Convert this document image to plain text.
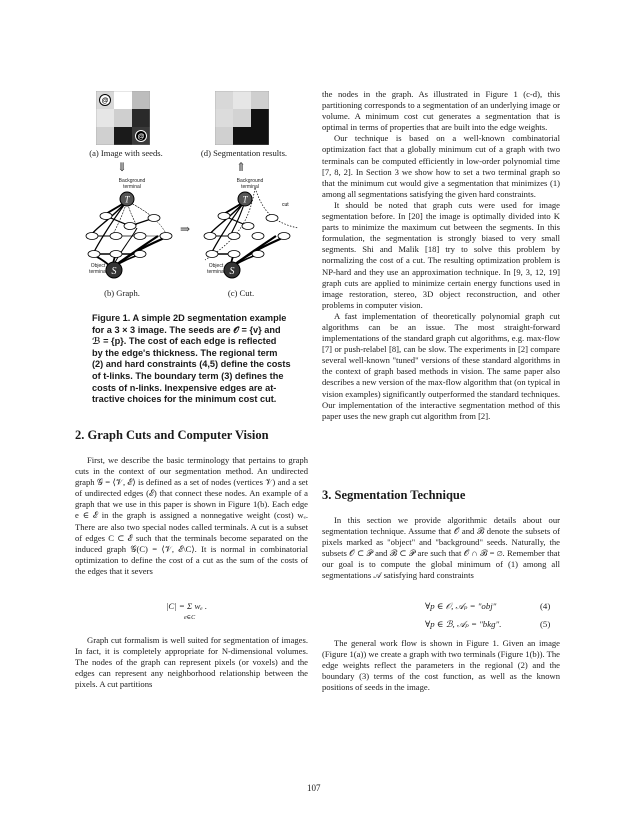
@
@
(a) Image with seeds.	(d) Segmentation results.
⇓	⇑
T
S
Background terminal
Object terminal
⇒
T
S
cut
Background terminal
Object terminal
(b) Graph.	(c) Cut.
Figure 1. A simple 2D segmentation example
for a 3 × 3 image. The seeds are 𝒪 = {v} and
ℬ = {p}. The cost of each edge is reflected
by the edge's thickness. The regional term
(2) and hard constraints (4,5) define the costs
of t-links. The boundary term (3) defines the
costs of n-links. Inexpensive edges are at-
tractive choices for the minimum cost cut.
2. Graph Cuts and Computer Vision

First, we describe the basic terminology that pertains to graph cuts in the context of our segmentation method. An undirected graph 𝒢 = ⟨𝒱, ℰ⟩ is defined as a set of nodes (vertices 𝒱) and a set of undirected edges (ℰ) that connect these nodes. An example of a graph that we use in this paper is shown in Figure 1(b). Each edge e ∈ ℰ in the graph is assigned a nonnegative weight (cost) wₑ. There are also two special nodes called terminals. A cut is a subset of edges C ⊂ ℰ such that the terminals become separated on the induced graph 𝒢(C) = ⟨𝒱, ℰ\C⟩. It is normal in combinatorial optimization to define the cost of a cut as the sum of the costs of the edges that it severs

|C| = Σ wₑ .
e∈C

Graph cut formalism is well suited for segmentation of images. In fact, it is completely appropriate for N-dimensional volumes. The nodes of the graph can represent pixels (or voxels) and the edges can represent any neighborhood relationship between the pixels. A cut partitions

the nodes in the graph. As illustrated in Figure 1 (c-d), this partitioning corresponds to a segmentation of an underlying image or volume. A minimum cost cut generates a segmentation that is optimal in terms of properties that are built into the edge weights.

Our technique is based on a well-known combinatorial optimization fact that a globally minimum cut of a graph with two terminals can be computed efficiently in low-order polynomial time [7, 8, 2]. In Section 3 we show how to set a two terminal graph so that the minimum cut would give a segmentation that minimizes (1) among all segmentations satisfying the given hard constraints.

It should be noted that graph cuts were used for image segmentation before. In [20] the image is optimally divided into K parts to minimize the maximum cut between the segments. In this formulation, the segmentation is strongly biased to very small segments. Shi and Malik [18] try to solve this problem by normalizing the cost of a cut. The resulting optimization problem is NP-hard and they use an approximation technique. In [9, 3, 12, 19] graph cuts are applied to minimize certain energy functions used in image restoration, stereo, 3D object reconstruction, and other problems in computer vision.

A fast implementation of theoretically polynomial graph cut algorithms can be an issue. The most straight-forward implementations of the standard graph cut algorithms, e.g. max-flow [7] or push-relabel [8], can be slow. The experiments in [2] compare several well-known "tuned" versions of these standard algorithms in the context of graph based methods in vision. The same paper also describes a new version of the max-flow algorithm that (on typical in vision examples) significantly outperformed the standard techniques. Our implementation of the interactive segmentation method of this paper uses the new graph cut algorithm from [2].

3. Segmentation Technique

In this section we provide algorithmic details about our segmentation technique. Assume that 𝒪 and ℬ denote the subsets of pixels marked as "object" and "background" seeds. Naturally, the subsets 𝒪 ⊂ 𝒫 and ℬ ⊂ 𝒫 are such that 𝒪 ∩ ℬ = ∅. Remember that our goal is to compute the global minimum of (1) among all segmentations 𝒜 satisfying hard constraints

∀p ∈ 𝒪, 𝒜ₚ = "obj"	(4)
∀p ∈ ℬ, 𝒜ₚ = "bkg".	(5)

The general work flow is shown in Figure 1. Given an image (Figure 1(a)) we create a graph with two terminals (Figure 1(b)). The edge weights reflect the parameters in the regional (2) and the boundary (3) terms of the cost function, as well as the known positions of seeds in the image.

107
